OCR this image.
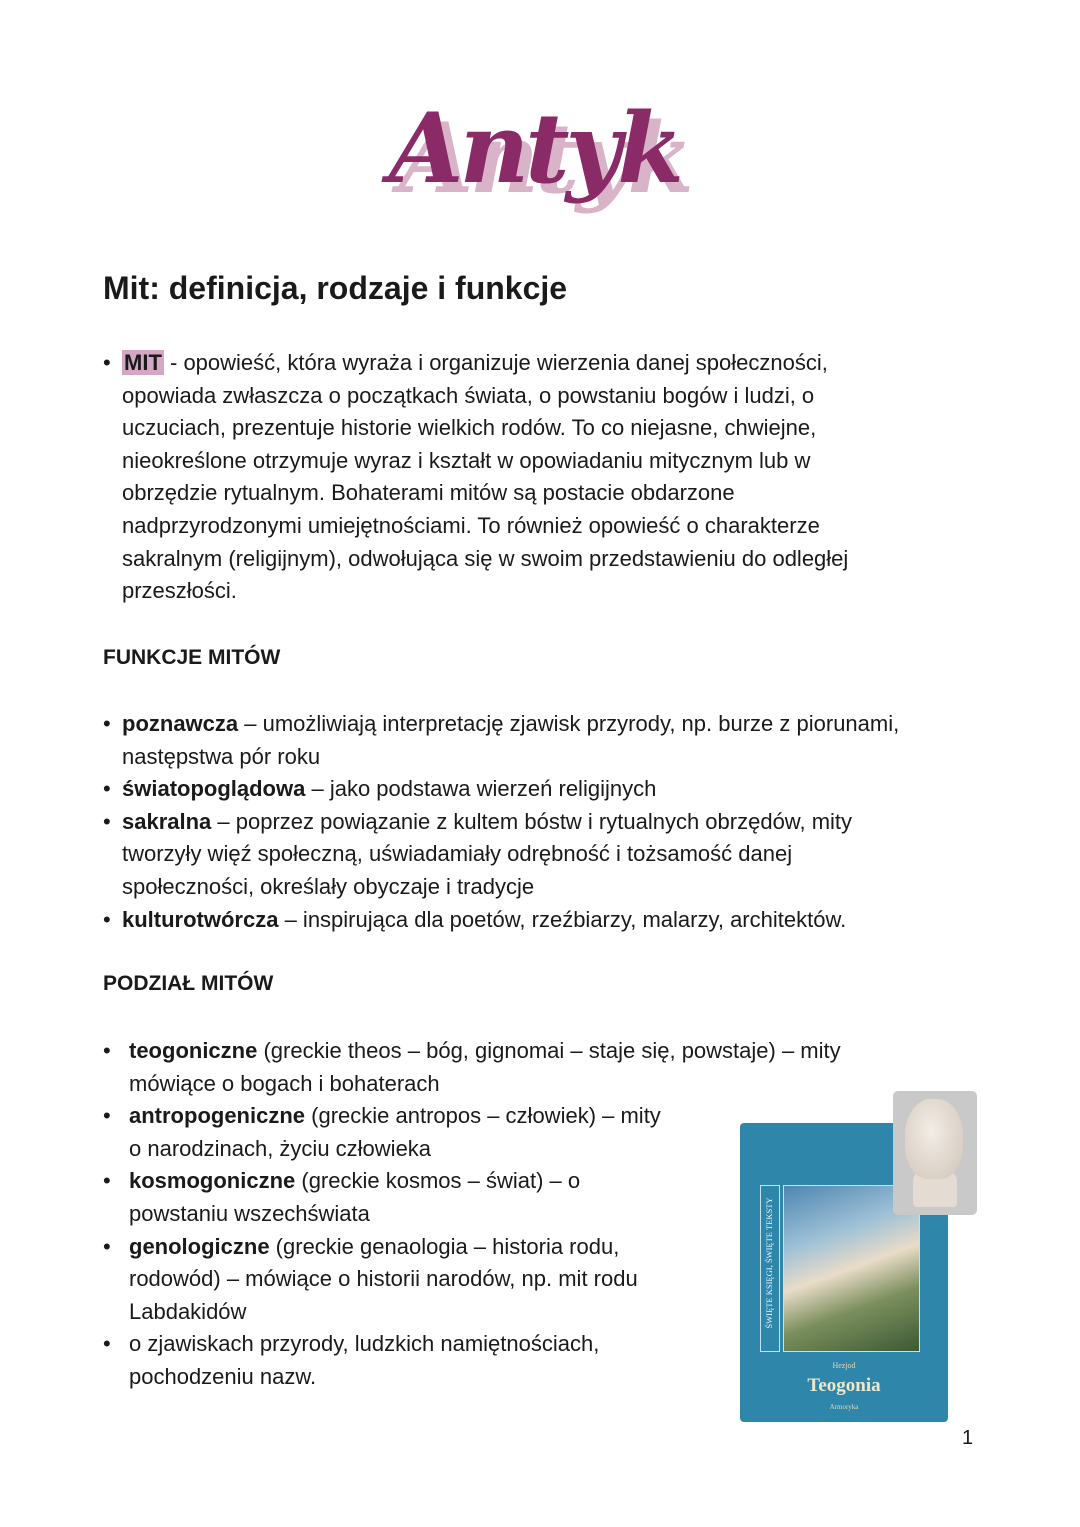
Antyk
Mit: definicja, rodzaje i funkcje
• MIT - opowieść, która wyraża i organizuje wierzenia danej społeczności,
opowiada zwłaszcza o początkach świata, o powstaniu bogów i ludzi, o
uczuciach, prezentuje historie wielkich rodów. To co niejasne, chwiejne,
nieokreślone otrzymuje wyraz i kształt w opowiadaniu mitycznym lub w
obrzędzie rytualnym. Bohaterami mitów są postacie obdarzone
nadprzyrodzonymi umiejętnościami. To również opowieść o charakterze
sakralnym (religijnym), odwołująca się w swoim przedstawieniu do odległej
przeszłości.
FUNKCJE MITÓW
• poznawcza – umożliwiają interpretację zjawisk przyrody, np. burze z piorunami,
następstwa pór roku
• światopoglądowa – jako podstawa wierzeń religijnych
• sakralna – poprzez powiązanie z kultem bóstw i rytualnych obrzędów, mity
tworzyły więź społeczną, uświadamiały odrębność i tożsamość danej
społeczności, określały obyczaje i tradycje
• kulturotwórcza – inspirująca dla poetów, rzeźbiarzy, malarzy, architektów.
PODZIAŁ MITÓW
• teogoniczne (greckie theos – bóg, gignomai – staje się, powstaje) – mity
mówiące o bogach i bohaterach
• antropogeniczne (greckie antropos – człowiek) – mity
o narodzinach, życiu człowieka
• kosmogoniczne (greckie kosmos – świat) – o
powstaniu wszechświata
• genologiczne (greckie genaologia – historia rodu,
rodowód) – mówiące o historii narodów, np. mit rodu
Labdakidów
• o zjawiskach przyrody, ludzkich namiętnościach,
pochodzeniu nazw.
ŚWIĘTE KSIĘGI, ŚWIĘTE TEKSTY
Hezjod
Teogonia
Armoryka
1
